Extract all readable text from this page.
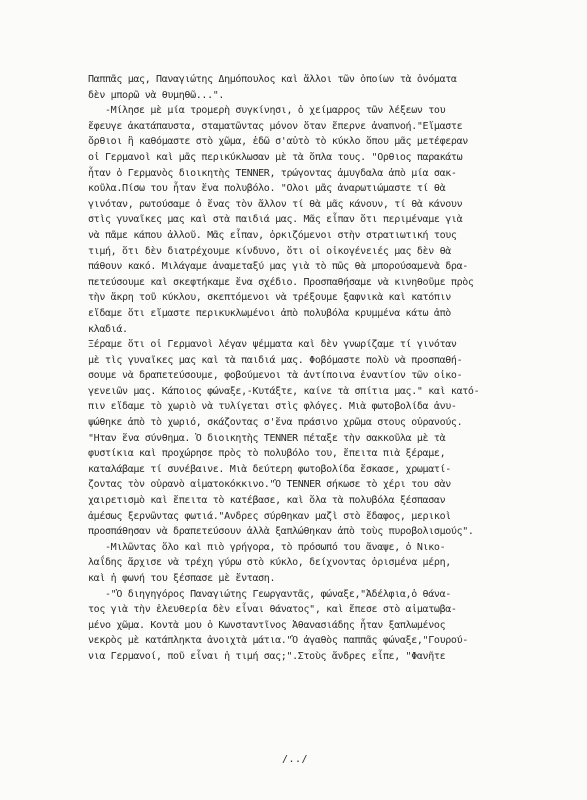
Παππᾶς μας, Παναγιώτης Δημόπουλος καὶ ἄλλοι τῶν ὁποίων τὰ ὀνόματα
δὲν μπορῶ νὰ θυμηθῶ...".
-Μίλησε μὲ μία τρομερὴ συγκίνησι, ὁ χείμαρρος τῶν λέξεων του
ἔφευγε ἀκατάπαυστα, σταματῶντας μόνον ὅταν ἔπερνε ἀναπνοή."Εἴμαστε
ὄρθιοι ἢ καθόμαστε στὸ χῶμα, ἐδῶ σ'αὐτὸ τὸ κύκλο ὅπου μᾶς μετέφεραν
οἱ Γερμανοὶ καὶ μᾶς περικύκλωσαν μὲ τὰ ὅπλα τους. "Ορθιος παρακάτω
ἦταν ὁ Γερμανὸς διοικητὴς TENNER, τρώγοντας ἀμυγδαλα ἀπὸ μία σακ-
κοῦλα.Πίσω του ἦταν ἕνα πολυβόλο. "Ολοι μᾶς ἀναρωτιώμαστε τί θὰ
γινόταν, ρωτούσαμε ὁ ἕνας τὸν ἄλλον τί θὰ μᾶς κάνουν, τί θὰ κάνουν
στὶς γυναῖκες μας καὶ στὰ παιδιά μας. Μᾶς εἶπαν ὅτι περιμέναμε γιὰ
νὰ πᾶμε κάπου ἀλλοῦ. Μᾶς εἶπαν, ὁρκιζόμενοι στὴν στρατιωτική τους
τιμή, ὅτι δὲν διατρέχουμε κίνδυνο, ὅτι οἱ οἰκογένειές μας δὲν θὰ
πάθουν κακό. Μιλάγαμε ἀναμεταξύ μας γιὰ τὸ πῶς θὰ μπορούσαμενὰ δρα-
πετεύσουμε καὶ σκεφτήκαμε ἕνα σχέδιο. Προσπαθήσαμε νὰ κινηθοῦμε πρὸς
τὴν ἄκρη τοῦ κύκλου, σκεπτόμενοι νὰ τρέξουμε ξαφνικὰ καὶ κατόπιν
εἴδαμε ὅτι εἴμαστε περικυκλωμένοι ἀπὸ πολυβόλα κρυμμένα κάτω ἀπὸ
κλαδιά.
Ξέραμε ὅτι οἱ Γερμανοὶ λέγαν ψέμματα καὶ δὲν γνωρίζαμε τί γινόταν
μὲ τὶς γυναῖκες μας καὶ τὰ παιδιά μας. Φοβόμαστε πολὺ νὰ προσπαθή-
σουμε νὰ δραπετεύσουμε, φοβούμενοι τὰ ἀντίποινα ἐναντίον τῶν οἰκο-
γενειῶν μας. Κάποιος φώναξε,-Κυτάξτε, καίνε τὰ σπίτια μας." καὶ κατό-
πιν εἴδαμε τὸ χωριὸ νὰ τυλίγεται στὶς φλόγες. Μιὰ φωτοβολίδα ἀνυ-
ψώθηκε ἀπὸ τὸ χωριό, σκάζοντας σ'ἕνα πράσινο χρῶμα στους οὐρανούς.
"Ηταν ἕνα σύνθημα. Ὁ διοικητὴς TENNER πέταξε τὴν σακκοῦλα μὲ τὰ
φυστίκια καὶ προχώρησε πρὸς τὸ πολυβόλο του, ἔπειτα πιὰ ξέραμε,
καταλάβαμε τί συνέβαινε. Μιὰ δεύτερη φωτοβολίδα ἔσκασε, χρωματί-
ζοντας τὸν οὐρανὸ αἱματοκόκκινο."Ὁ TENNER σήκωσε τὸ χέρι του σὰν
χαιρετισμὸ καὶ ἔπειτα τὸ κατέβασε, καὶ ὅλα τὰ πολυβόλα ξέσπασαν
ἀμέσως ξερνῶντας φωτιά."Ανδρες σύρθηκαν μαζὶ στὸ ἔδαφος, μερικοὶ
προσπάθησαν νὰ δραπετεύσουν ἀλλὰ ξαπλώθηκαν ἀπὸ τοὺς πυροβολισμούς".
-Μιλῶντας ὅλο καὶ πιὸ γρήγορα, τὸ πρόσωπό του ἄναψε, ὁ Νικο-
λαΐδης ἄρχισε νὰ τρέχη γύρω στὸ κύκλο, δείχνοντας ὁρισμένα μέρη,
καὶ ἡ φωνή του ξέσπασε μὲ ἔνταση.
-"Ὁ διηγηγόρος Παναγιώτης Γεωργαντᾶς, φώναξε,"Ἀδέλφια,ὁ θάνα-
τος γιὰ τὴν ἐλευθερία δὲν εἶναι θάνατος", καὶ ἔπεσε στὸ αἱματωβα-
μένο χῶμα. Κοντὰ μου ὁ Κωνσταντῖνος Ἀθανασιάδης ἦταν ξαπλωμένος
νεκρὸς μὲ κατάπληκτα ἀνοιχτὰ μάτια."Ὁ ἀγαθὸς παππᾶς φώναξε,"Γουρού-
νια Γερμανοί, ποῦ εἶναι ἡ τιμή σας;".Στοὺς ἄνδρες εἶπε, "Φανῆτε
/../
